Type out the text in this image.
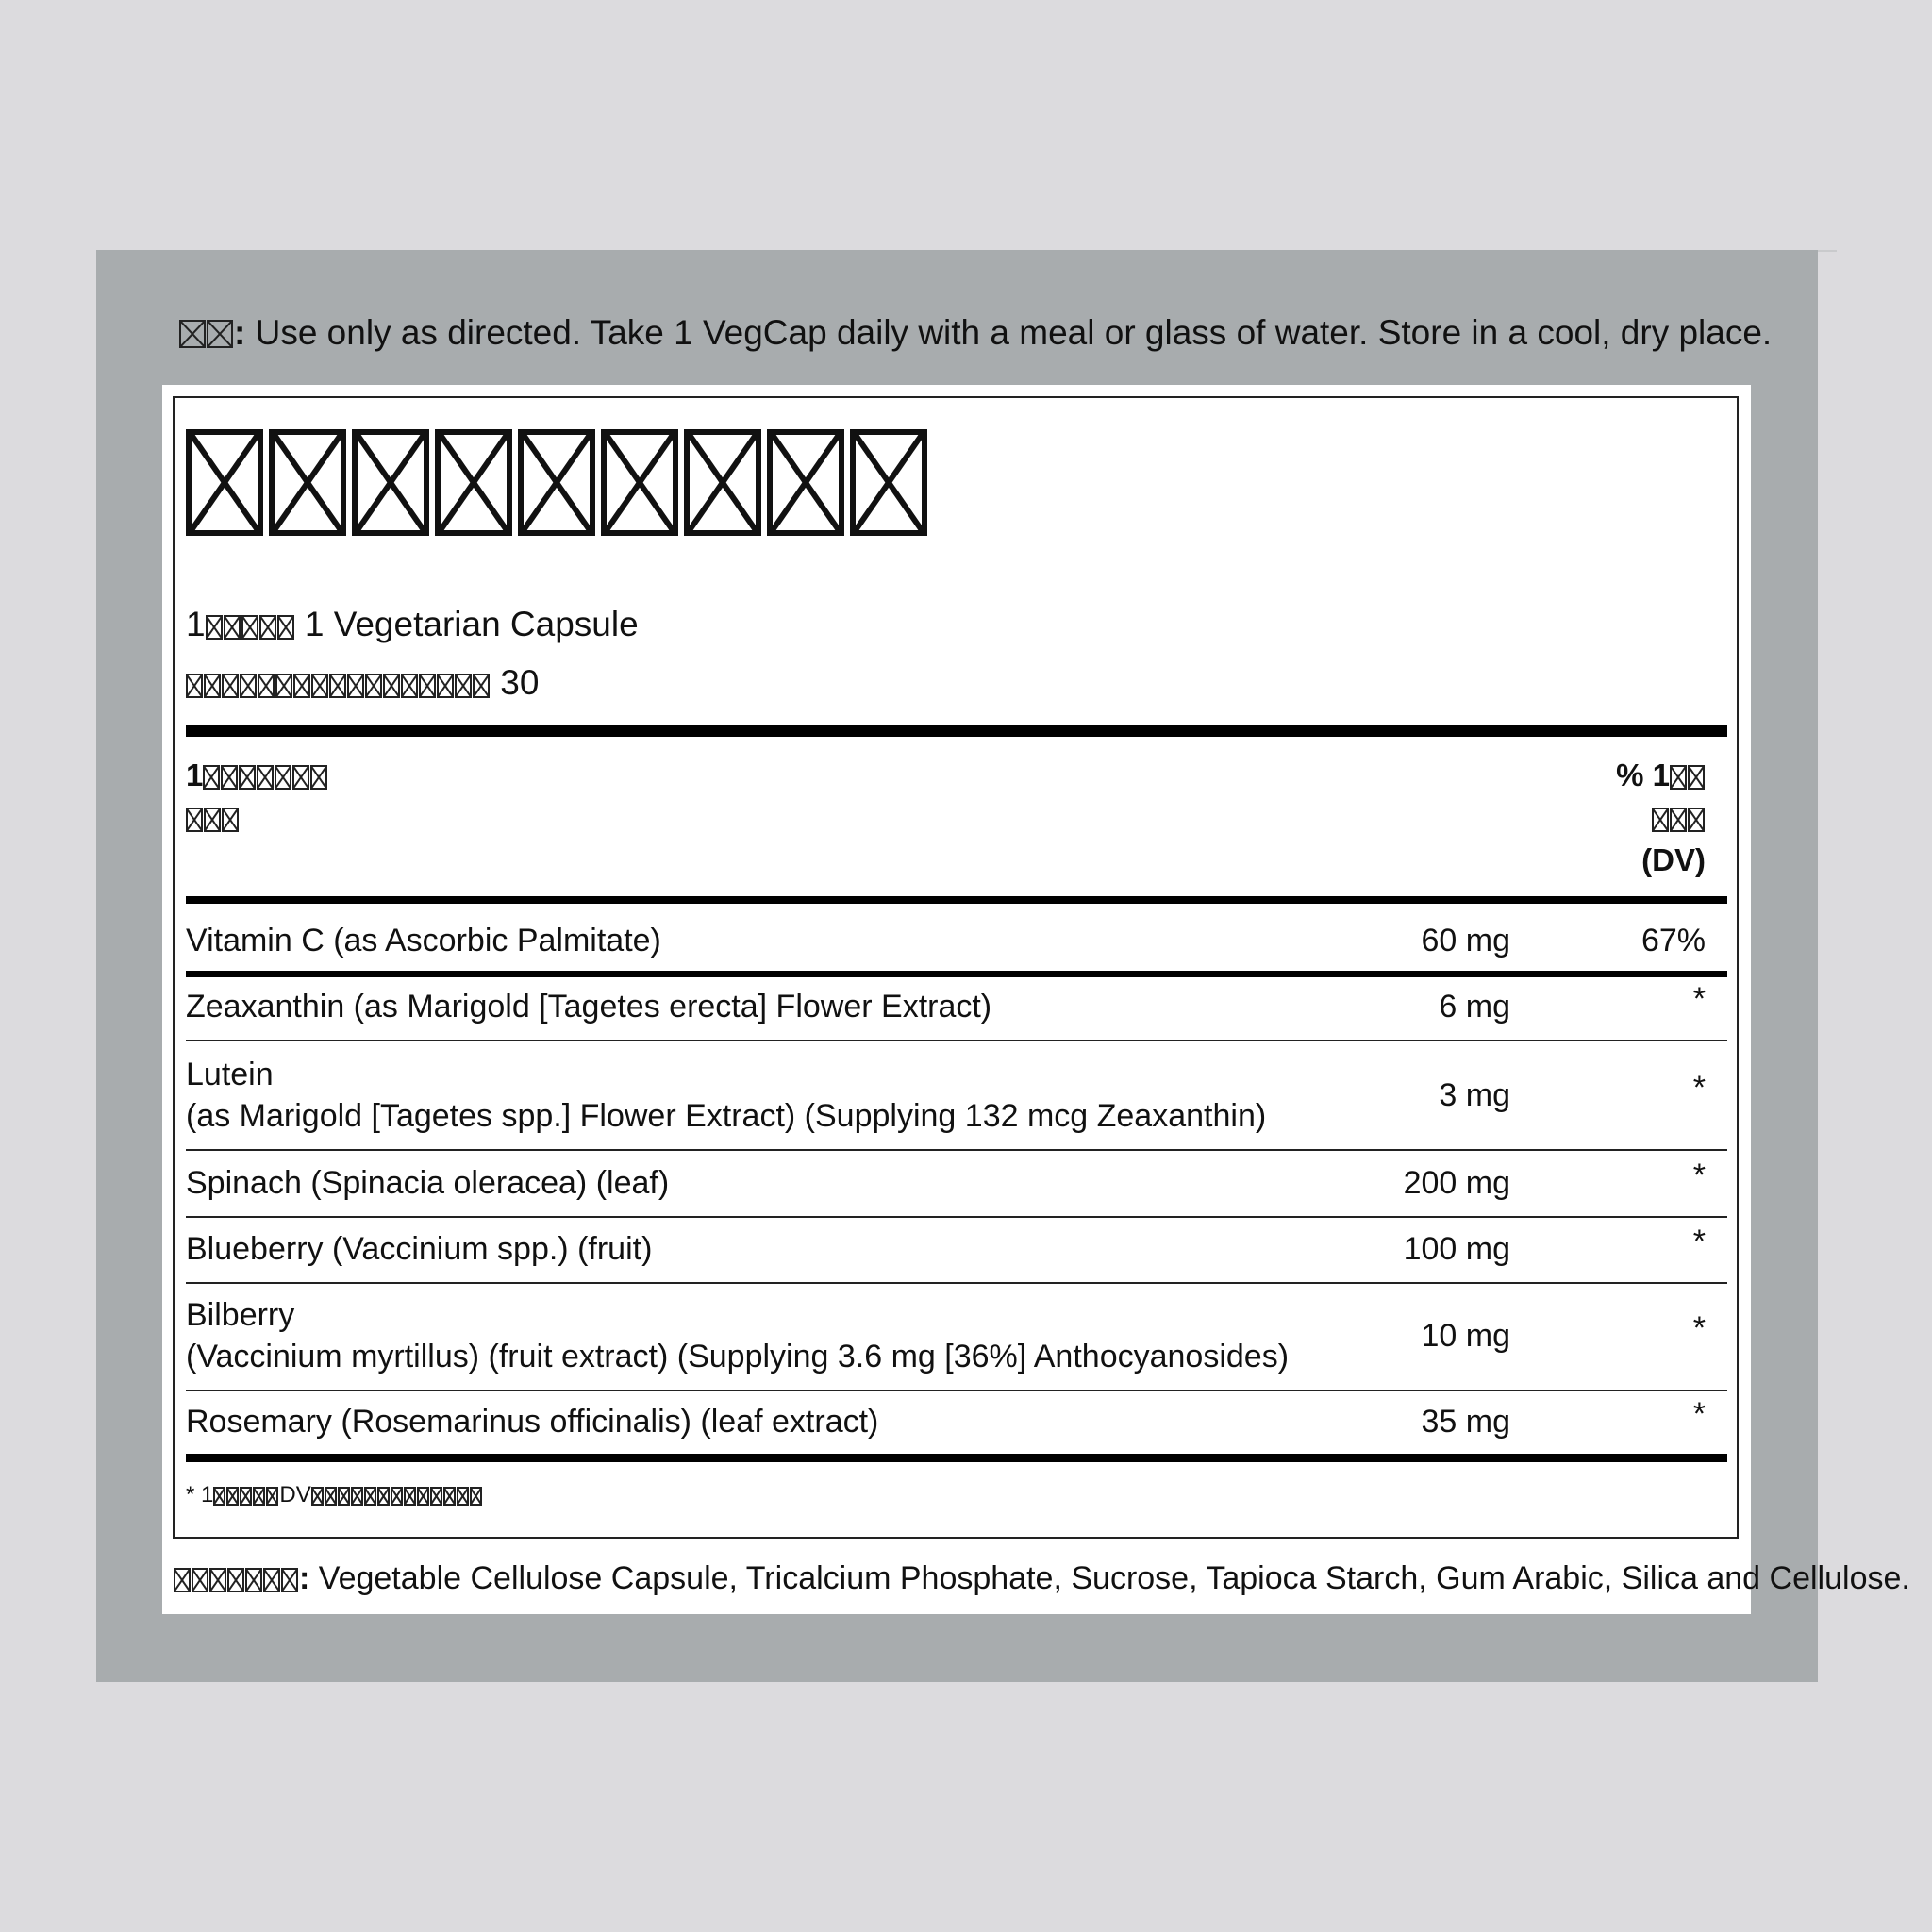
: Use only as directed. Take 1 VegCap daily with a meal or glass of water. Store in a cool, dry place.
1	1 Vegetarian Capsule
30
1	% 1
(DV)
Vitamin C (as Ascorbic Palmitate)	60 mg	67%
Zeaxanthin (as Marigold [Tagetes erecta] Flower Extract)	6 mg	*
Lutein
(as Marigold [Tagetes spp.] Flower Extract) (Supplying 132 mcg Zeaxanthin)
3 mg	*
Spinach (Spinacia oleracea) (leaf)	200 mg	*
Blueberry (Vaccinium spp.) (fruit)	100 mg	*
Bilberry
(Vaccinium myrtillus) (fruit extract) (Supplying 3.6 mg [36%] Anthocyanosides)
10 mg	*
Rosemary (Rosemarinus officinalis) (leaf extract)	35 mg	*
* 1	DV
: Vegetable Cellulose Capsule, Tricalcium Phosphate, Sucrose, Tapioca Starch, Gum Arabic, Silica and Cellulose.
